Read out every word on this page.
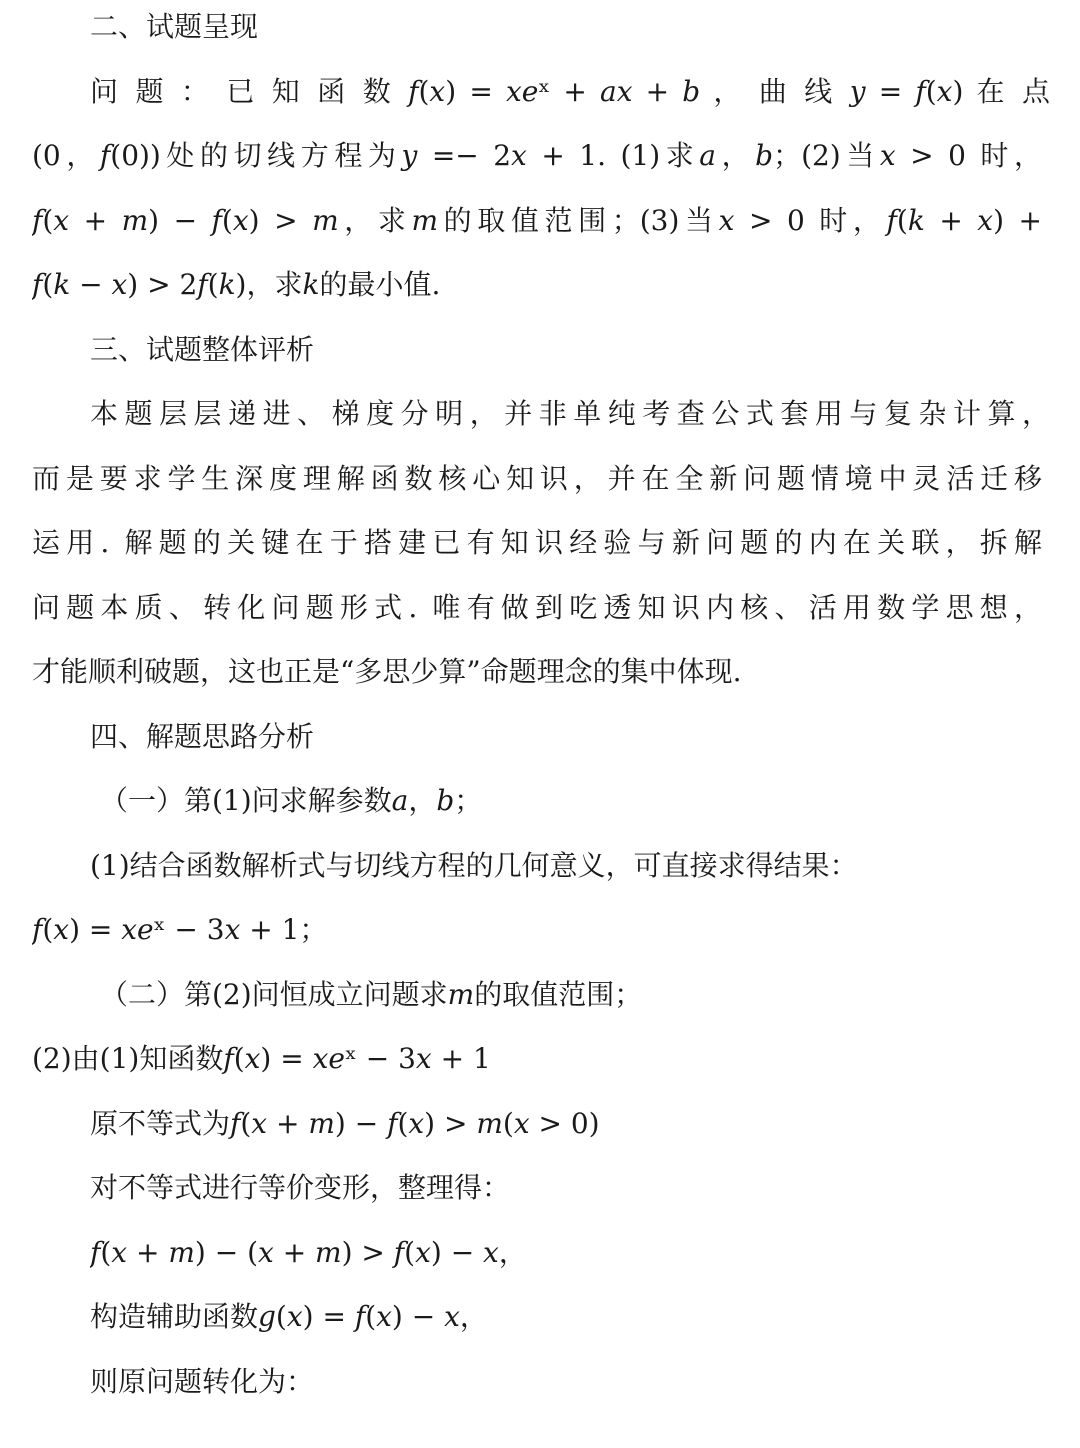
二、试题呈现
问 题 ： 已 知 函 数 𝑓(𝑥) = 𝑥𝑒ˣ + 𝑎𝑥 + 𝑏 ， 曲 线 𝑦 = 𝑓(𝑥) 在 点
(0，𝑓(0))处的切线方程为𝑦 =− 2𝑥 + 1. (1)求𝑎，𝑏；(2)当𝑥 > 0 时，
𝑓(𝑥 + 𝑚) − 𝑓(𝑥) > 𝑚，求𝑚的取值范围；(3)当𝑥 > 0 时，𝑓(𝑘 + 𝑥) +
𝑓(𝑘 − 𝑥) > 2𝑓(𝑘)，求𝑘的最小值.
三、试题整体评析
本题层层递进、梯度分明，并非单纯考查公式套用与复杂计算，
而是要求学生深度理解函数核心知识，并在全新问题情境中灵活迁移
运用. 解题的关键在于搭建已有知识经验与新问题的内在关联，拆解
问题本质、转化问题形式. 唯有做到吃透知识内核、活用数学思想，
才能顺利破题，这也正是“多思少算”命题理念的集中体现.
四、解题思路分析
（一）第(1)问求解参数𝑎，𝑏；
(1)结合函数解析式与切线方程的几何意义，可直接求得结果：
𝑓(𝑥) = 𝑥𝑒ˣ − 3𝑥 + 1；
（二）第(2)问恒成立问题求𝑚的取值范围；
(2)由(1)知函数𝑓(𝑥) = 𝑥𝑒ˣ − 3𝑥 + 1
原不等式为𝑓(𝑥 + 𝑚) − 𝑓(𝑥) > 𝑚(𝑥 > 0)
对不等式进行等价变形，整理得：
𝑓(𝑥 + 𝑚) − (𝑥 + 𝑚) > 𝑓(𝑥) − 𝑥，
构造辅助函数𝑔(𝑥) = 𝑓(𝑥) − 𝑥，
则原问题转化为：
